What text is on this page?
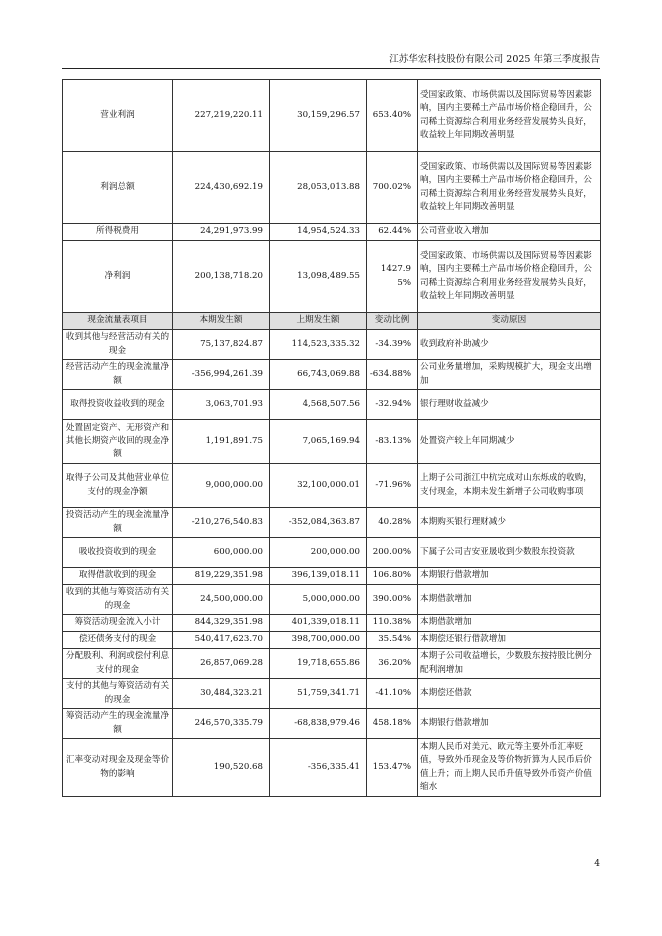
江苏华宏科技股份有限公司 2025 年第三季度报告
营业利润	227,219,220.11	30,159,296.57	653.40%	受国家政策、市场供需以及国际贸易等因素影响，国内主要稀土产品市场价格企稳回升，公司稀土资源综合利用业务经营发展势头良好，收益较上年同期改善明显
利润总额	224,430,692.19	28,053,013.88	700.02%	受国家政策、市场供需以及国际贸易等因素影响，国内主要稀土产品市场价格企稳回升，公司稀土资源综合利用业务经营发展势头良好，收益较上年同期改善明显
所得税费用	24,291,973.99	14,954,524.33	62.44%	公司营业收入增加
净利润	200,138,718.20	13,098,489.55	1427.95%	受国家政策、市场供需以及国际贸易等因素影响，国内主要稀土产品市场价格企稳回升，公司稀土资源综合利用业务经营发展势头良好，收益较上年同期改善明显
现金流量表项目	本期发生额	上期发生额	变动比例	变动原因
收到其他与经营活动有关的现金	75,137,824.87	114,523,335.32	-34.39%	收到政府补助减少
经营活动产生的现金流量净额	-356,994,261.39	66,743,069.88	-634.88%	公司业务量增加，采购规模扩大，现金支出增加
取得投资收益收到的现金	3,063,701.93	4,568,507.56	-32.94%	银行理财收益减少
处置固定资产、无形资产和其他长期资产收回的现金净额	1,191,891.75	7,065,169.94	-83.13%	处置资产较上年同期减少
取得子公司及其他营业单位支付的现金净额	9,000,000.00	32,100,000.01	-71.96%	上期子公司浙江中杭完成对山东烁成的收购，支付现金，本期未发生新增子公司收购事项
投资活动产生的现金流量净额	-210,276,540.83	-352,084,363.87	40.28%	本期购买银行理财减少
吸收投资收到的现金	600,000.00	200,000.00	200.00%	下属子公司吉安亚晟收到少数股东投资款
取得借款收到的现金	819,229,351.98	396,139,018.11	106.80%	本期银行借款增加
收到的其他与筹资活动有关的现金	24,500,000.00	5,000,000.00	390.00%	本期借款增加
筹资活动现金流入小计	844,329,351.98	401,339,018.11	110.38%	本期借款增加
偿还债务支付的现金	540,417,623.70	398,700,000.00	35.54%	本期偿还银行借款增加
分配股利、利润或偿付利息支付的现金	26,857,069.28	19,718,655.86	36.20%	本期子公司收益增长，少数股东按持股比例分配利润增加
支付的其他与筹资活动有关的现金	30,484,323.21	51,759,341.71	-41.10%	本期偿还借款
筹资活动产生的现金流量净额	246,570,335.79	-68,838,979.46	458.18%	本期银行借款增加
汇率变动对现金及现金等价物的影响	190,520.68	-356,335.41	153.47%	本期人民币对美元、欧元等主要外币汇率贬值，导致外币现金及等价物折算为人民币后价值上升；而上期人民币升值导致外币资产价值缩水
4
